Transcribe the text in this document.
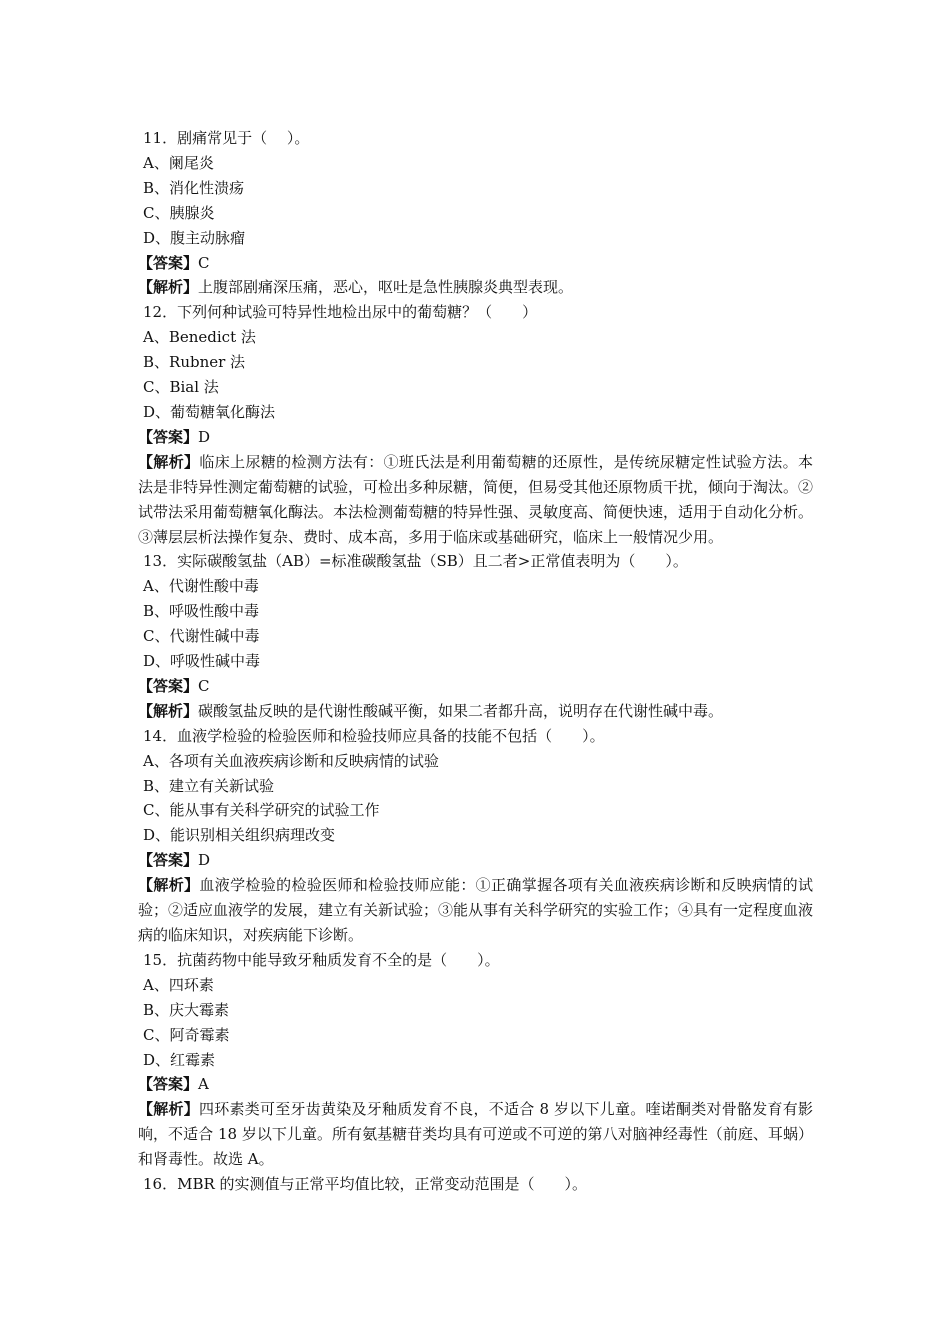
11．剧痛常见于（　 ）。
A、阑尾炎
B、消化性溃疡
C、胰腺炎
D、腹主动脉瘤
【答案】C
【解析】上腹部剧痛深压痛，恶心，呕吐是急性胰腺炎典型表现。
12．下列何种试验可特异性地检出尿中的葡萄糖？（　　）
A、Benedict 法
B、Rubner 法
C、Bial 法
D、葡萄糖氧化酶法
【答案】D
【解析】临床上尿糖的检测方法有：①班氏法是利用葡萄糖的还原性，是传统尿糖定性试验方法。本法是非特异性测定葡萄糖的试验，可检出多种尿糖，简便，但易受其他还原物质干扰，倾向于淘汰。②试带法采用葡萄糖氧化酶法。本法检测葡萄糖的特异性强、灵敏度高、简便快速，适用于自动化分析。③薄层层析法操作复杂、费时、成本高，多用于临床或基础研究，临床上一般情况少用。
13．实际碳酸氢盐（AB）=标准碳酸氢盐（SB）且二者>正常值表明为（　　）。
A、代谢性酸中毒
B、呼吸性酸中毒
C、代谢性碱中毒
D、呼吸性碱中毒
【答案】C
【解析】碳酸氢盐反映的是代谢性酸碱平衡，如果二者都升高，说明存在代谢性碱中毒。
14．血液学检验的检验医师和检验技师应具备的技能不包括（　　）。
A、各项有关血液疾病诊断和反映病情的试验
B、建立有关新试验
C、能从事有关科学研究的试验工作
D、能识别相关组织病理改变
【答案】D
【解析】血液学检验的检验医师和检验技师应能：①正确掌握各项有关血液疾病诊断和反映病情的试验；②适应血液学的发展，建立有关新试验；③能从事有关科学研究的实验工作；④具有一定程度血液病的临床知识，对疾病能下诊断。
15．抗菌药物中能导致牙釉质发育不全的是（　　）。
A、四环素
B、庆大霉素
C、阿奇霉素
D、红霉素
【答案】A
【解析】四环素类可至牙齿黄染及牙釉质发育不良，不适合 8 岁以下儿童。喹诺酮类对骨骼发育有影响，不适合 18 岁以下儿童。所有氨基糖苷类均具有可逆或不可逆的第八对脑神经毒性（前庭、耳蜗）和肾毒性。故选 A。
16．MBR 的实测值与正常平均值比较，正常变动范围是（　　）。
